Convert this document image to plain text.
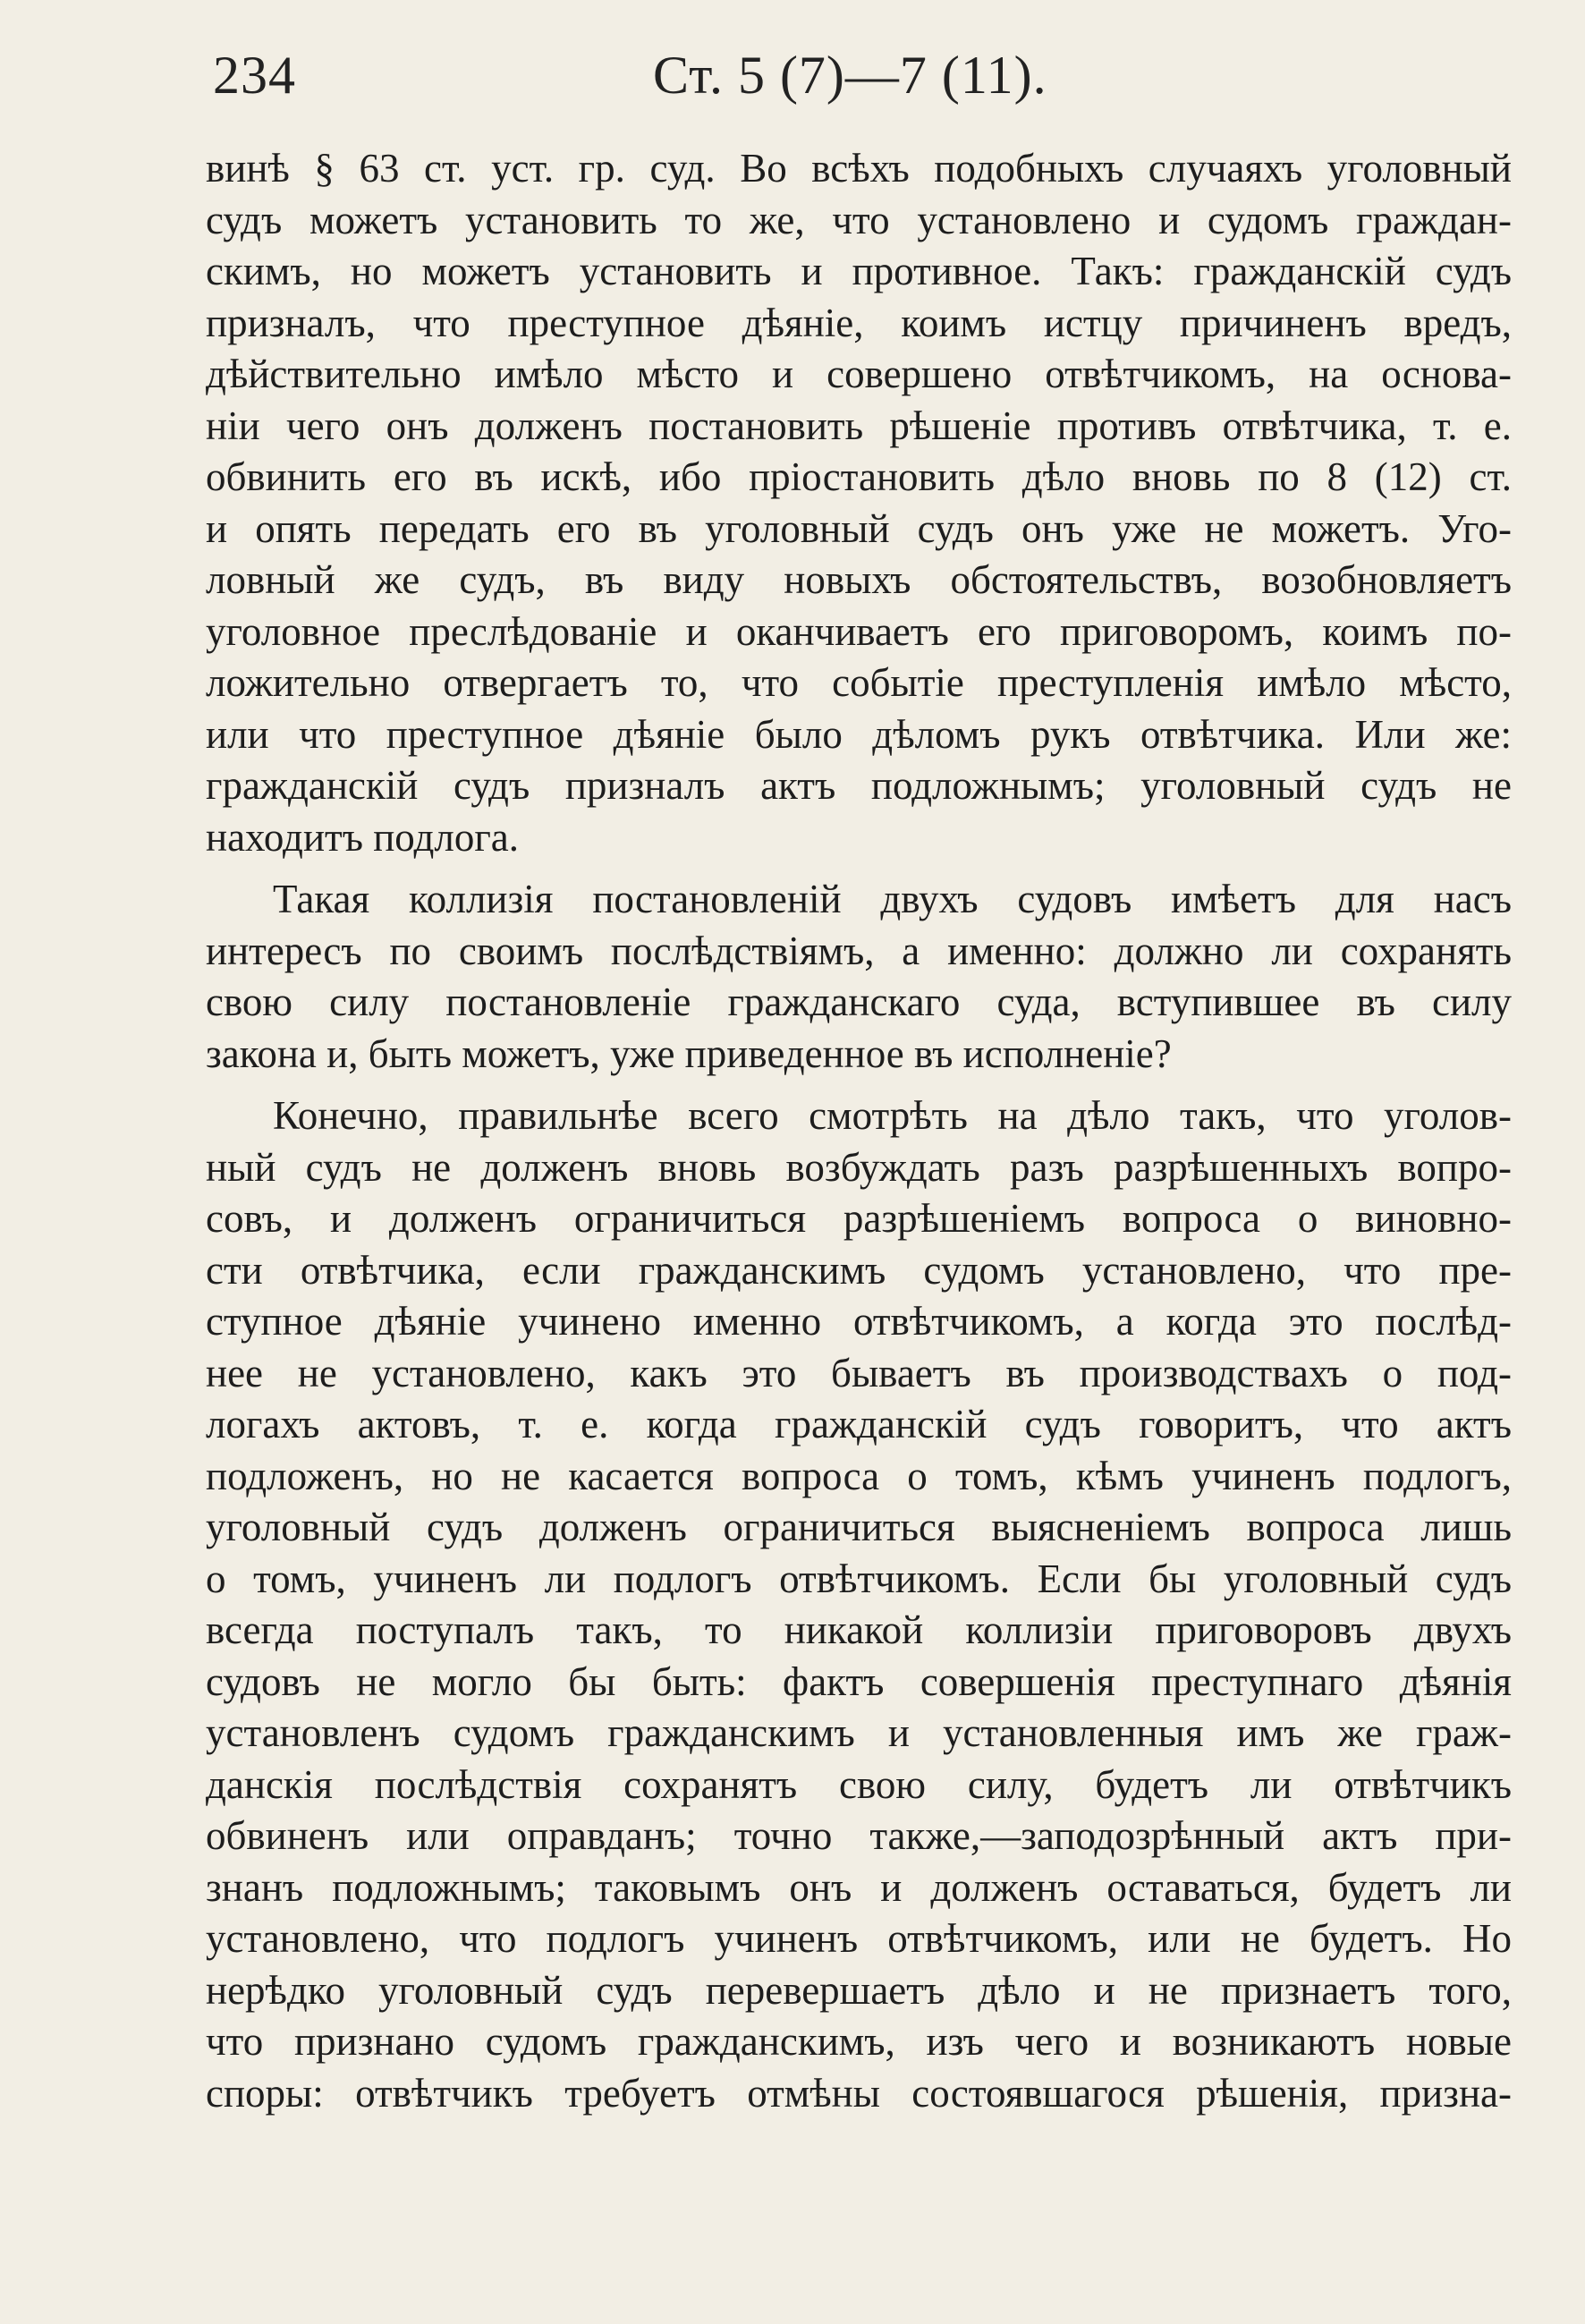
234	Ст. 5 (7)—7 (11).
винѣ § 63 ст. уст. гр. суд. Во всѣхъ подобныхъ случаяхъ уголовный
судъ можетъ установить то же, что установлено и судомъ граждан-
скимъ, но можетъ установить и противное. Такъ: гражданскій судъ
призналъ, что преступное дѣяніе, коимъ истцу причиненъ вредъ,
дѣйствительно имѣло мѣсто и совершено отвѣтчикомъ, на основа-
ніи чего онъ долженъ постановить рѣшеніе противъ отвѣтчика, т. е.
обвинить его въ искѣ, ибо пріостановить дѣло вновь по 8 (12) ст.
и опять передать его въ уголовный судъ онъ уже не можетъ. Уго-
ловный же судъ, въ виду новыхъ обстоятельствъ, возобновляетъ
уголовное преслѣдованіе и оканчиваетъ его приговоромъ, коимъ по-
ложительно отвергаетъ то, что событіе преступленія имѣло мѣсто,
или что преступное дѣяніе было дѣломъ рукъ отвѣтчика. Или же:
гражданскій судъ призналъ актъ подложнымъ; уголовный судъ не
находитъ подлога.
Такая коллизія постановленій двухъ судовъ имѣетъ для насъ
интересъ по своимъ послѣдствіямъ, а именно: должно ли сохранять
свою силу постановленіе гражданскаго суда, вступившее въ силу
закона и, быть можетъ, уже приведенное въ исполненіе?
Конечно, правильнѣе всего смотрѣть на дѣло такъ, что уголов-
ный судъ не долженъ вновь возбуждать разъ разрѣшенныхъ вопро-
совъ, и долженъ ограничиться разрѣшеніемъ вопроса о виновно-
сти отвѣтчика, если гражданскимъ судомъ установлено, что пре-
ступное дѣяніе учинено именно отвѣтчикомъ, а когда это послѣд-
нее не установлено, какъ это бываетъ въ производствахъ о под-
логахъ актовъ, т. е. когда гражданскій судъ говоритъ, что актъ
подложенъ, но не касается вопроса о томъ, кѣмъ учиненъ подлогъ,
уголовный судъ долженъ ограничиться выясненіемъ вопроса лишь
о томъ, учиненъ ли подлогъ отвѣтчикомъ. Если бы уголовный судъ
всегда поступалъ такъ, то никакой коллизіи приговоровъ двухъ
судовъ не могло бы быть: фактъ совершенія преступнаго дѣянія
установленъ судомъ гражданскимъ и установленныя имъ же граж-
данскія послѣдствія сохранятъ свою силу, будетъ ли отвѣтчикъ
обвиненъ или оправданъ; точно также,—заподозрѣнный актъ при-
знанъ подложнымъ; таковымъ онъ и долженъ оставаться, будетъ ли
установлено, что подлогъ учиненъ отвѣтчикомъ, или не будетъ. Но
нерѣдко уголовный судъ перевершаетъ дѣло и не признаетъ того,
что признано судомъ гражданскимъ, изъ чего и возникаютъ новые
споры: отвѣтчикъ требуетъ отмѣны состоявшагося рѣшенія, призна-
